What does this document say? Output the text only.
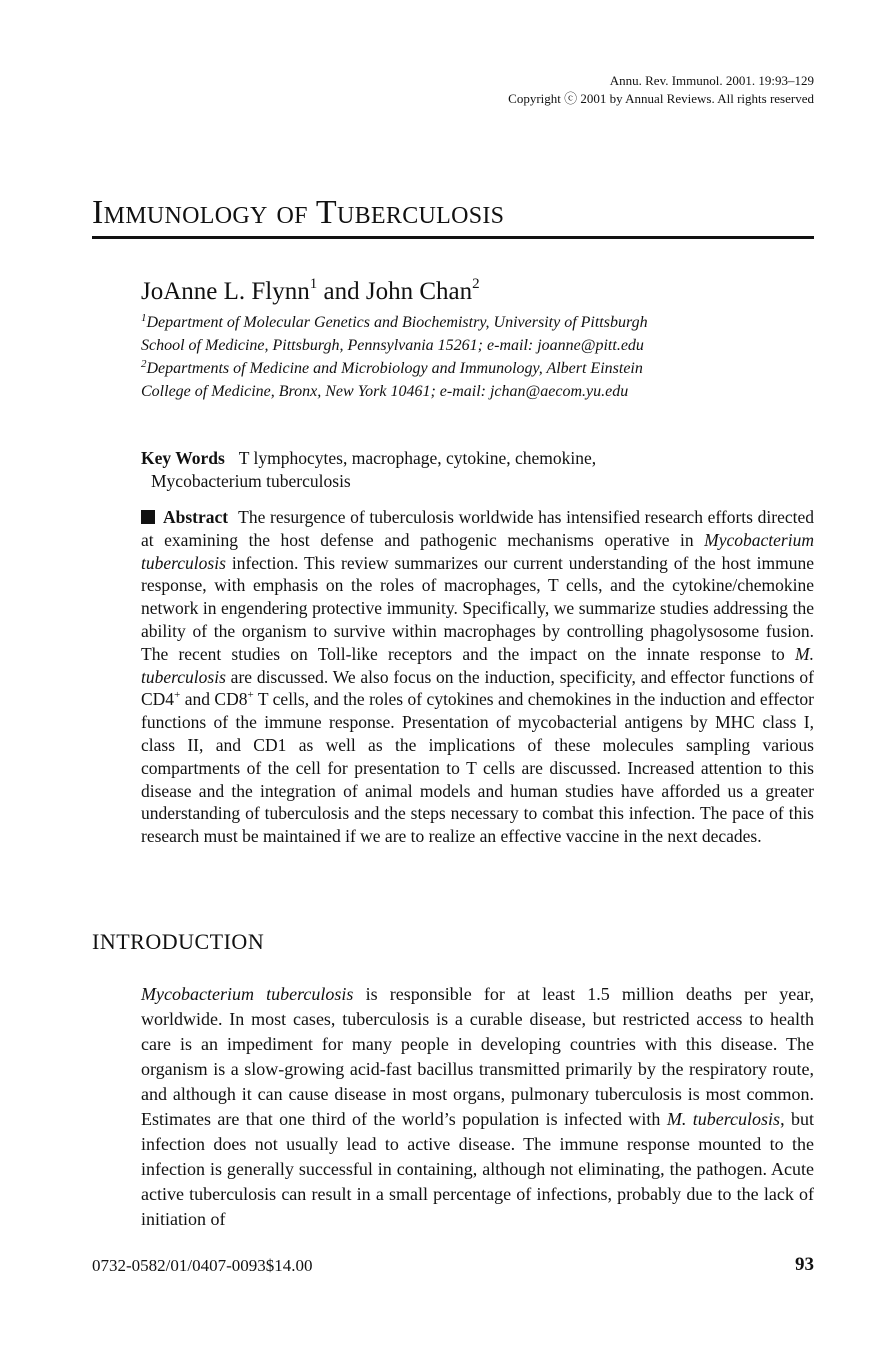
Annu. Rev. Immunol. 2001. 19:93–129
Copyright ⓒ 2001 by Annual Reviews. All rights reserved
Immunology of Tuberculosis
JoAnne L. Flynn$^1$ and John Chan$^2$
$^1$Department of Molecular Genetics and Biochemistry, University of Pittsburgh
School of Medicine, Pittsburgh, Pennsylvania 15261; e-mail: joanne@pitt.edu
$^2$Departments of Medicine and Microbiology and Immunology, Albert Einstein
College of Medicine, Bronx, New York 10461; e-mail: jchan@aecom.yu.edu
Key Words T lymphocytes, macrophage, cytokine, chemokine,
Mycobacterium tuberculosis
Abstract The resurgence of tuberculosis worldwide has intensified research efforts directed at examining the host defense and pathogenic mechanisms operative in Mycobacterium tuberculosis infection. This review summarizes our current understanding of the host immune response, with emphasis on the roles of macrophages, T cells, and the cytokine/chemokine network in engendering protective immunity. Specifically, we summarize studies addressing the ability of the organism to survive within macrophages by controlling phagolysosome fusion. The recent studies on Toll-like receptors and the impact on the innate response to M. tuberculosis are discussed. We also focus on the induction, specificity, and effector functions of CD4+ and CD8+ T cells, and the roles of cytokines and chemokines in the induction and effector functions of the immune response. Presentation of mycobacterial antigens by MHC class I, class II, and CD1 as well as the implications of these molecules sampling various compartments of the cell for presentation to T cells are discussed. Increased attention to this disease and the integration of animal models and human studies have afforded us a greater understanding of tuberculosis and the steps necessary to combat this infection. The pace of this research must be maintained if we are to realize an effective vaccine in the next decades.
INTRODUCTION
Mycobacterium tuberculosis is responsible for at least 1.5 million deaths per year, worldwide. In most cases, tuberculosis is a curable disease, but restricted access to health care is an impediment for many people in developing countries with this disease. The organism is a slow-growing acid-fast bacillus transmitted primarily by the respiratory route, and although it can cause disease in most organs, pulmonary tuberculosis is most common. Estimates are that one third of the world’s population is infected with M. tuberculosis, but infection does not usually lead to active disease. The immune response mounted to the infection is generally successful in containing, although not eliminating, the pathogen. Acute active tuberculosis can result in a small percentage of infections, probably due to the lack of initiation of
0732-0582/01/0407-0093$14.00	93
